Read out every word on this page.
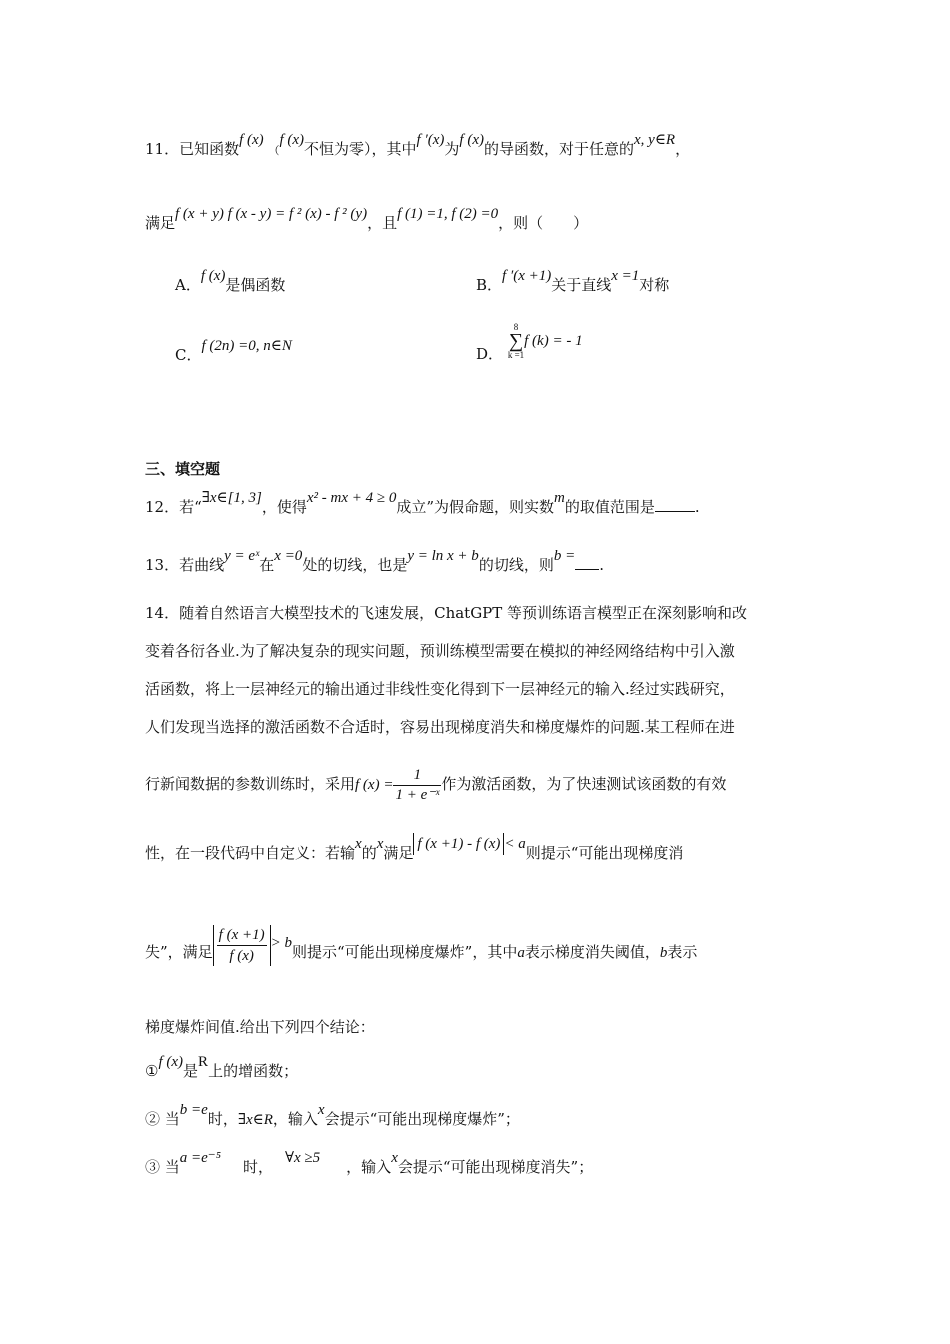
11．已知函数f (x) （f (x)不恒为零），其中f ′(x)为f (x)的导函数，对于任意的x, y∈R，
满足f (x + y) f (x - y) = f ² (x) - f ² (y)，且f (1) =1, f (2) =0，则（　　）
A．f (x)是偶函数	B．f ′(x +1)关于直线x =1对称
C．f (2n) =0, n∈N	D．
8
∑
k =1
f (k) = - 1
三、填空题
12．若“∃x∈[1, 3]，使得x² - mx + 4 ≥ 0成立”为假命题，则实数m的取值范围是	.
13．若曲线y = eˣ在x =0处的切线，也是y = ln x + b的切线，则b = .
14．随着自然语言大模型技术的飞速发展，ChatGPT 等预训练语言模型正在深刻影响和改
变着各衍各业.为了解决复杂的现实问题，预训练模型需要在模拟的神经网络结构中引入激
活函数，将上一层神经元的输出通过非线性变化得到下一层神经元的输入.经过实践研究，
人们发现当选择的激活函数不合适时，容易出现梯度消失和梯度爆炸的问题.某工程师在进
行新闻数据的参数训练时，采用f $(x) = \frac{1}{\text{1 + e⁻ˣ}}$ 作为激活函数，为了快速测试该函数的有效
性，在一段代码中自定义：若输x的x满足 f (x +1) - f (x) < a则提示“可能出现梯度消
失”，满足 $\frac{f (x +1)}{f (x)} > b$则提示“可能出现梯度爆炸”，其中a表示梯度消失阈值，b表示
梯度爆炸间值.给出下列四个结论：
①f (x)是R上的增函数；
② 当b =e时，∃x∈R，输入x会提示“可能出现梯度爆炸”；
③ 当a =e⁻⁵ 时， ∀x ≥5 ，输入x会提示“可能出现梯度消失”；
